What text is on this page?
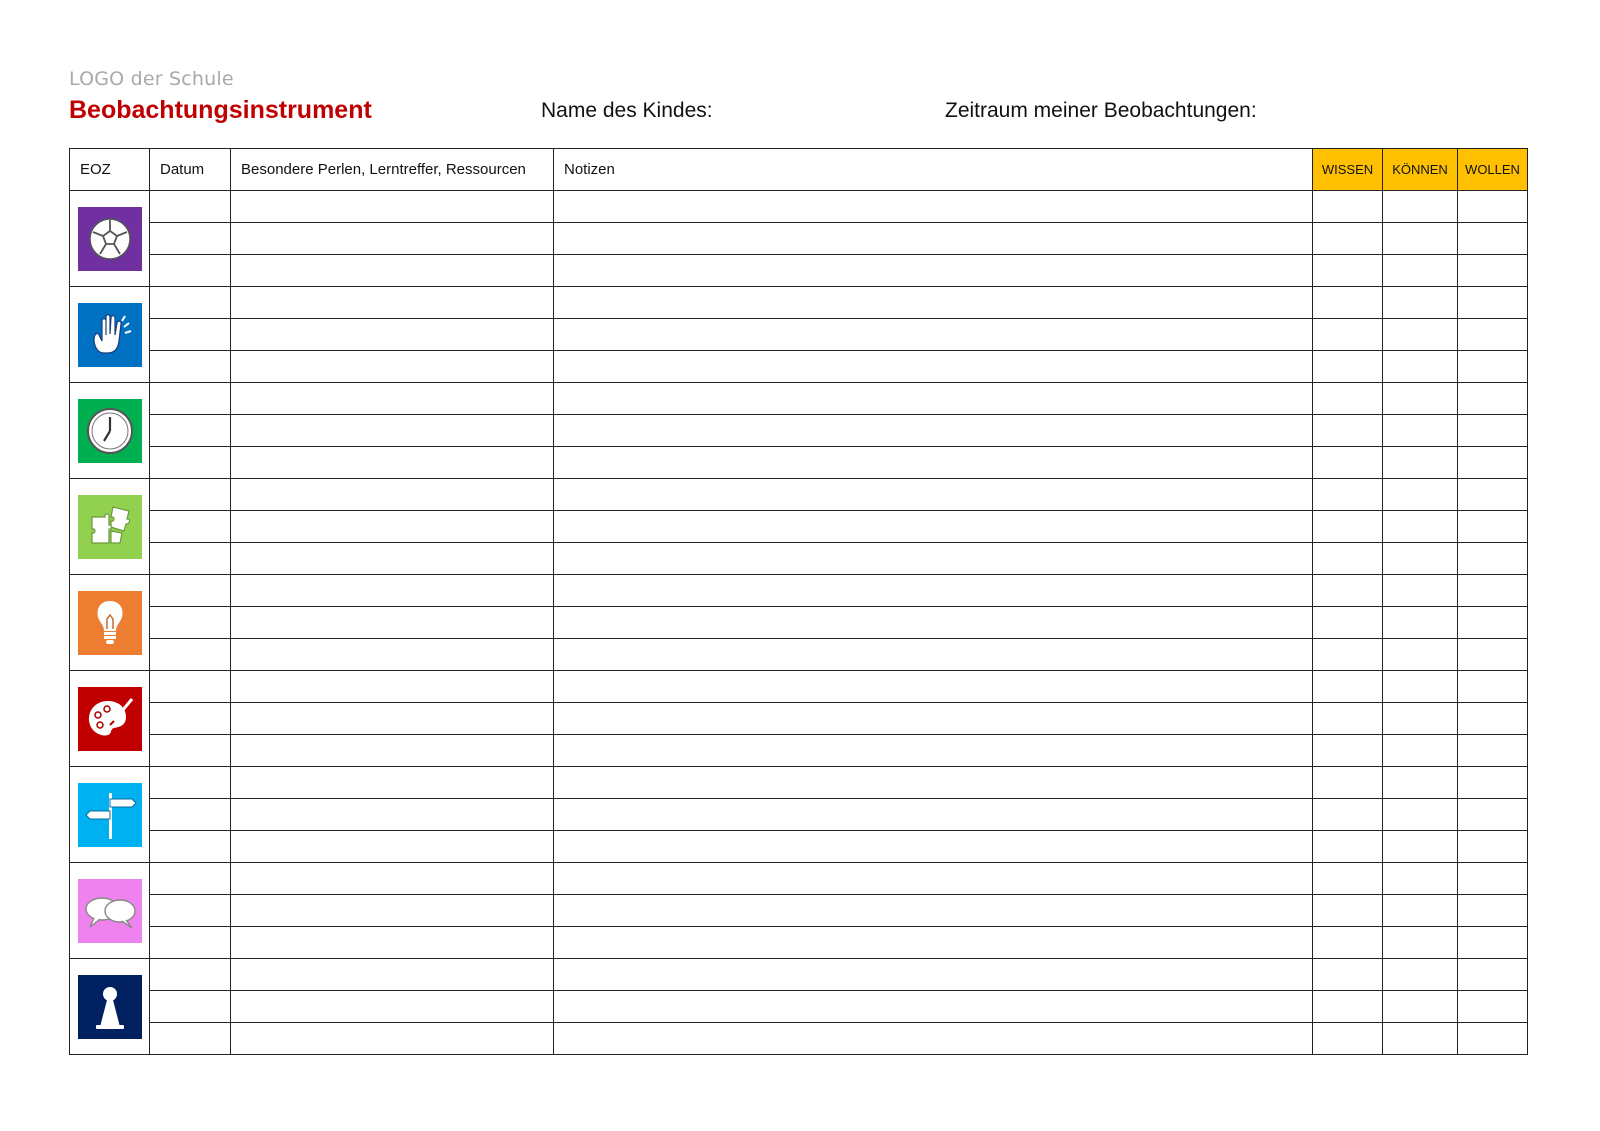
LOGO der Schule
Beobachtungsinstrument	Name des Kindes:	Zeitraum meiner Beobachtungen:
EOZ	Datum	Besondere Perlen, Lerntreffer, Ressourcen	Notizen	WISSEN	KÖNNEN	WOLLEN
